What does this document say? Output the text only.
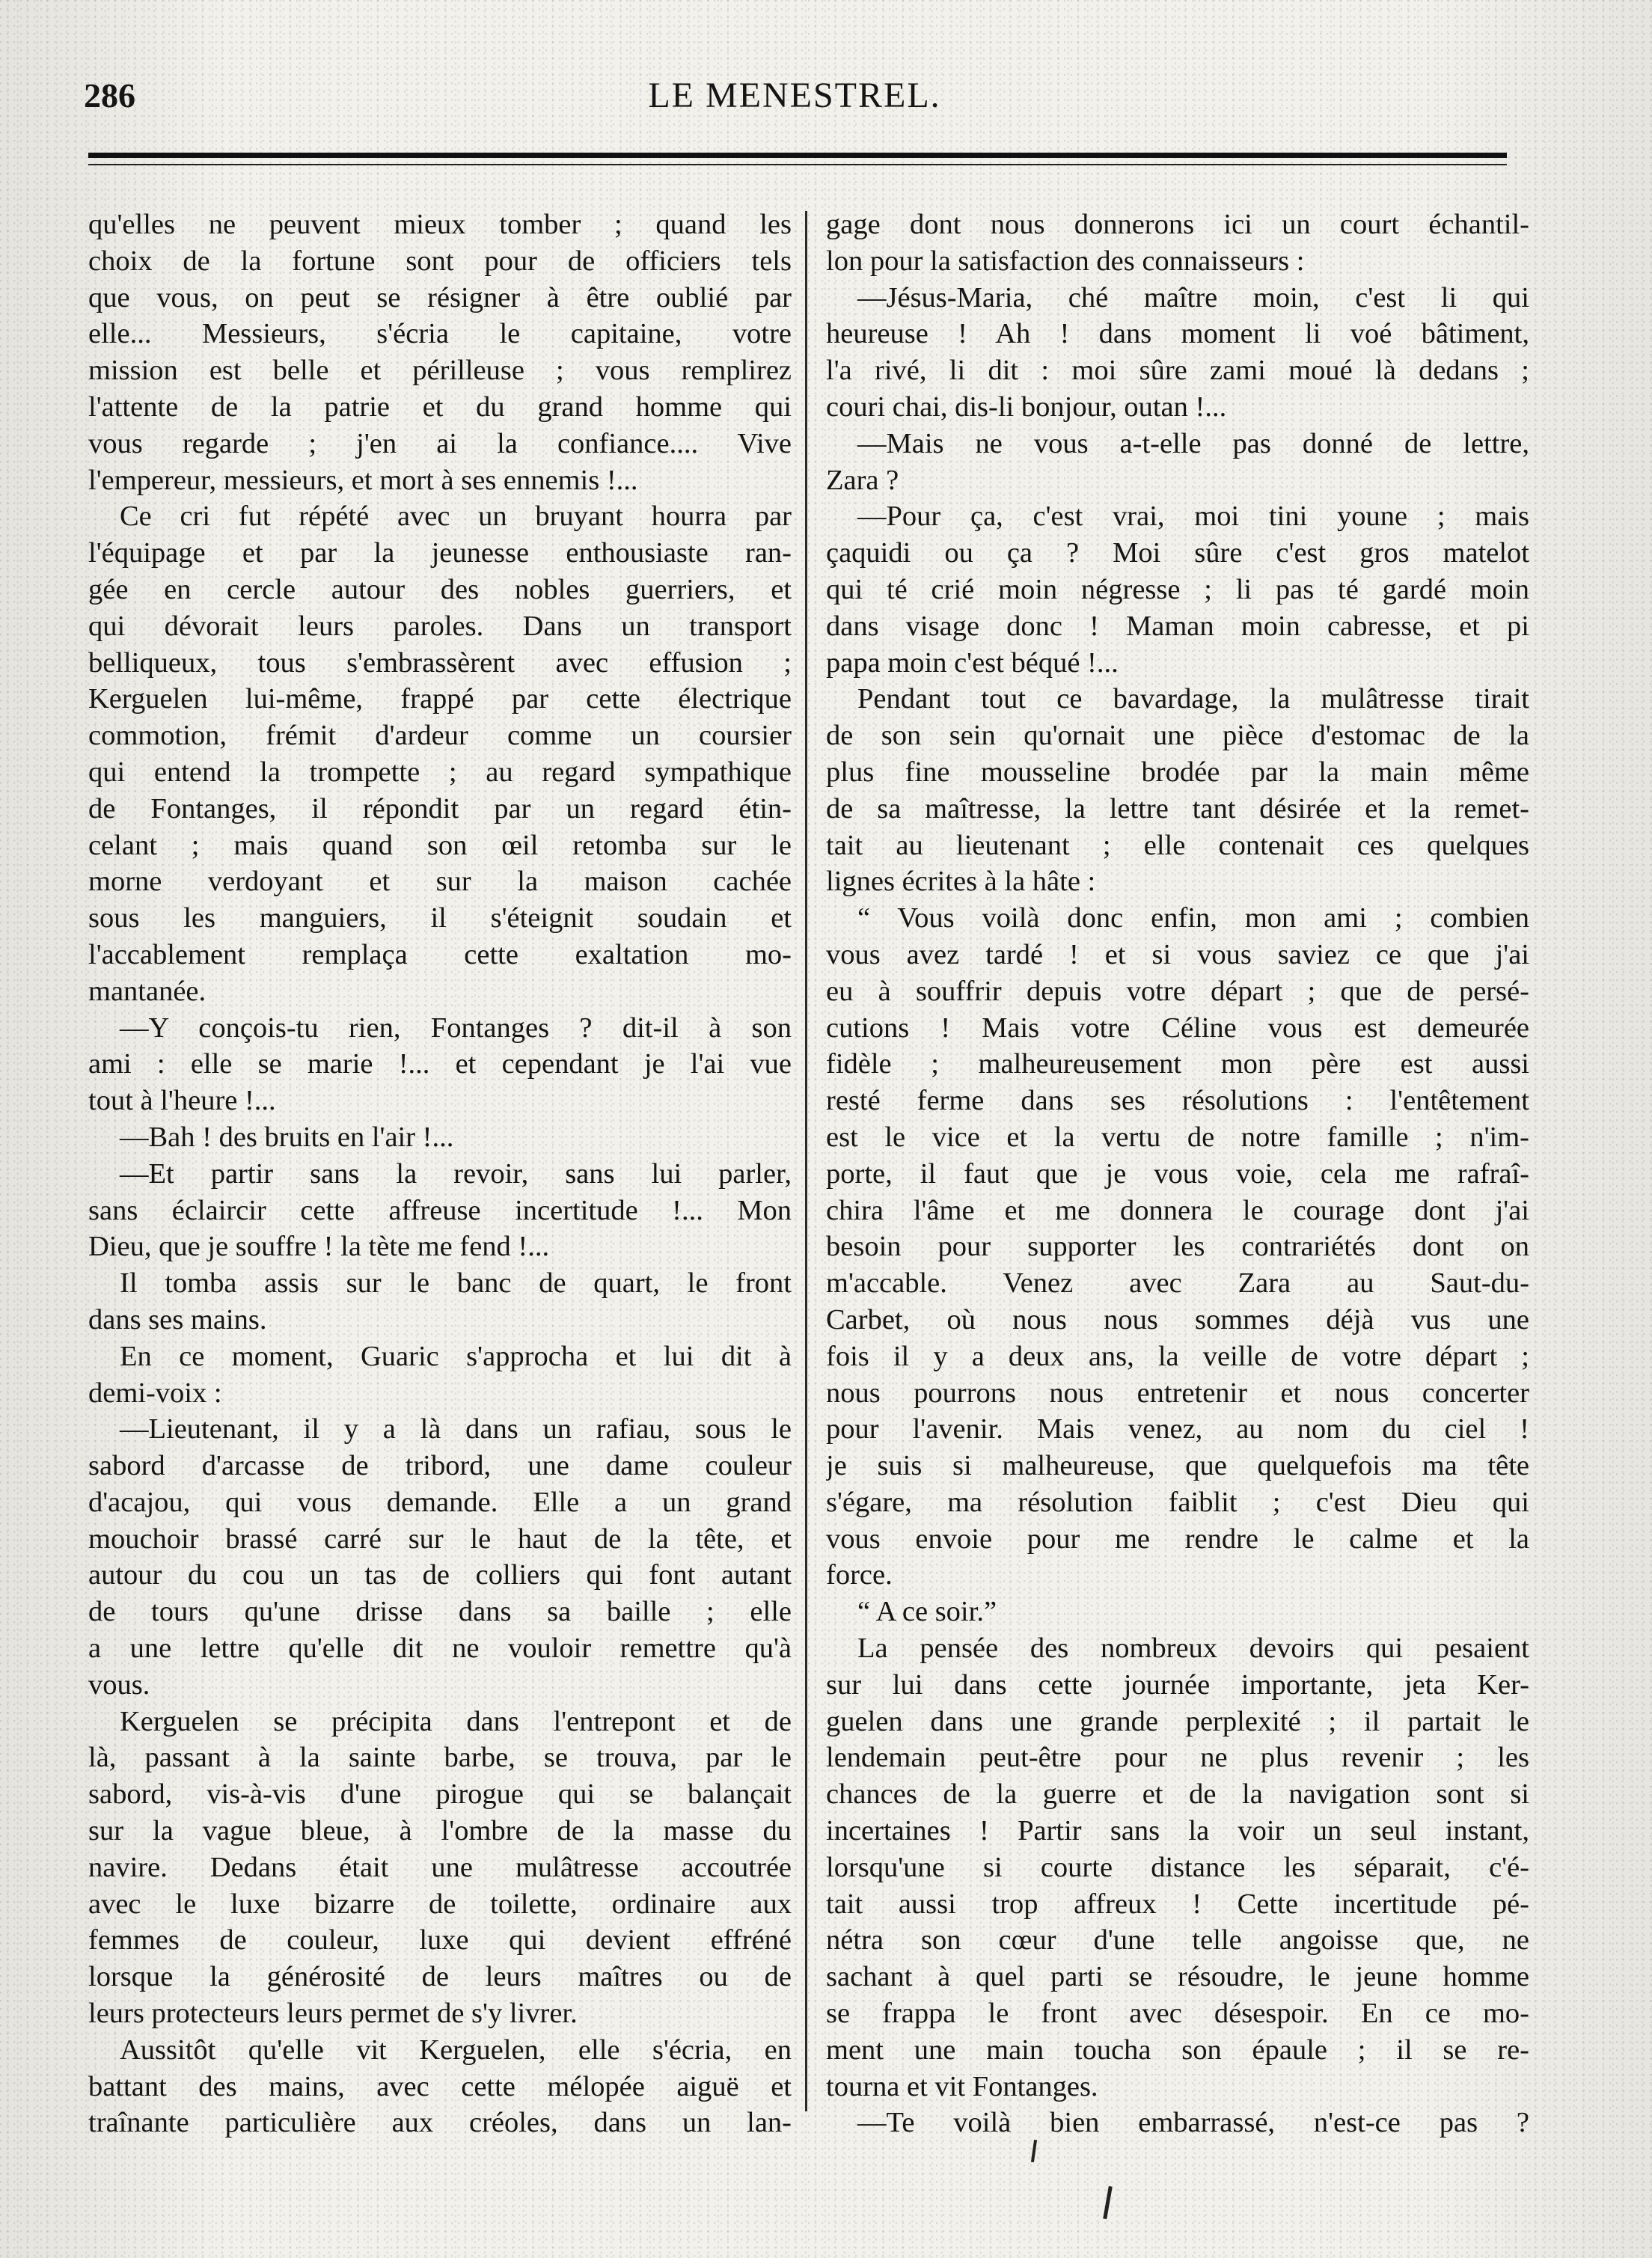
286	LE MENESTREL.
qu'elles ne peuvent mieux tomber ; quand les
choix de la fortune sont pour de officiers tels
que vous, on peut se résigner à être oublié par
elle... Messieurs, s'écria le capitaine, votre
mission est belle et périlleuse ; vous remplirez
l'attente de la patrie et du grand homme qui
vous regarde ; j'en ai la confiance.... Vive
l'empereur, messieurs, et mort à ses ennemis !...
Ce cri fut répété avec un bruyant hourra par
l'équipage et par la jeunesse enthousiaste ran-
gée en cercle autour des nobles guerriers, et
qui dévorait leurs paroles. Dans un transport
belliqueux, tous s'embrassèrent avec effusion ;
Kerguelen lui-même, frappé par cette électrique
commotion, frémit d'ardeur comme un coursier
qui entend la trompette ; au regard sympathique
de Fontanges, il répondit par un regard étin-
celant ; mais quand son œil retomba sur le
morne verdoyant et sur la maison cachée
sous les manguiers, il s'éteignit soudain et
l'accablement remplaça cette exaltation mo-
mantanée.
—Y conçois-tu rien, Fontanges ? dit-il à son
ami : elle se marie !... et cependant je l'ai vue
tout à l'heure !...
—Bah ! des bruits en l'air !...
—Et partir sans la revoir, sans lui parler,
sans éclaircir cette affreuse incertitude !... Mon
Dieu, que je souffre ! la tète me fend !...
Il tomba assis sur le banc de quart, le front
dans ses mains.
En ce moment, Guaric s'approcha et lui dit à
demi-voix :
—Lieutenant, il y a là dans un rafiau, sous le
sabord d'arcasse de tribord, une dame couleur
d'acajou, qui vous demande. Elle a un grand
mouchoir brassé carré sur le haut de la tête, et
autour du cou un tas de colliers qui font autant
de tours qu'une drisse dans sa baille ; elle
a une lettre qu'elle dit ne vouloir remettre qu'à
vous.
Kerguelen se précipita dans l'entrepont et de
là, passant à la sainte barbe, se trouva, par le
sabord, vis-à-vis d'une pirogue qui se balançait
sur la vague bleue, à l'ombre de la masse du
navire. Dedans était une mulâtresse accoutrée
avec le luxe bizarre de toilette, ordinaire aux
femmes de couleur, luxe qui devient effréné
lorsque la générosité de leurs maîtres ou de
leurs protecteurs leurs permet de s'y livrer.
Aussitôt qu'elle vit Kerguelen, elle s'écria, en
battant des mains, avec cette mélopée aiguë et
traînante particulière aux créoles, dans un lan-
gage dont nous donnerons ici un court échantil-
lon pour la satisfaction des connaisseurs :
—Jésus-Maria, ché maître moin, c'est li qui
heureuse ! Ah ! dans moment li voé bâtiment,
l'a rivé, li dit : moi sûre zami moué là dedans ;
couri chai, dis-li bonjour, outan !...
—Mais ne vous a-t-elle pas donné de lettre,
Zara ?
—Pour ça, c'est vrai, moi tini youne ; mais
çaquidi ou ça ? Moi sûre c'est gros matelot
qui té crié moin négresse ; li pas té gardé moin
dans visage donc ! Maman moin cabresse, et pi
papa moin c'est béqué !...
Pendant tout ce bavardage, la mulâtresse tirait
de son sein qu'ornait une pièce d'estomac de la
plus fine mousseline brodée par la main même
de sa maîtresse, la lettre tant désirée et la remet-
tait au lieutenant ; elle contenait ces quelques
lignes écrites à la hâte :
“ Vous voilà donc enfin, mon ami ; combien
vous avez tardé ! et si vous saviez ce que j'ai
eu à souffrir depuis votre départ ; que de persé-
cutions ! Mais votre Céline vous est demeurée
fidèle ; malheureusement mon père est aussi
resté ferme dans ses résolutions : l'entêtement
est le vice et la vertu de notre famille ; n'im-
porte, il faut que je vous voie, cela me rafraî-
chira l'âme et me donnera le courage dont j'ai
besoin pour supporter les contrariétés dont on
m'accable. Venez avec Zara au Saut-du-
Carbet, où nous nous sommes déjà vus une
fois il y a deux ans, la veille de votre départ ;
nous pourrons nous entretenir et nous concerter
pour l'avenir. Mais venez, au nom du ciel !
je suis si malheureuse, que quelquefois ma tête
s'égare, ma résolution faiblit ; c'est Dieu qui
vous envoie pour me rendre le calme et la
force.
“ A ce soir.”
La pensée des nombreux devoirs qui pesaient
sur lui dans cette journée importante, jeta Ker-
guelen dans une grande perplexité ; il partait le
lendemain peut-être pour ne plus revenir ; les
chances de la guerre et de la navigation sont si
incertaines ! Partir sans la voir un seul instant,
lorsqu'une si courte distance les séparait, c'é-
tait aussi trop affreux ! Cette incertitude pé-
nétra son cœur d'une telle angoisse que, ne
sachant à quel parti se résoudre, le jeune homme
se frappa le front avec désespoir. En ce mo-
ment une main toucha son épaule ; il se re-
tourna et vit Fontanges.
—Te voilà bien embarrassé, n'est-ce pas ?
